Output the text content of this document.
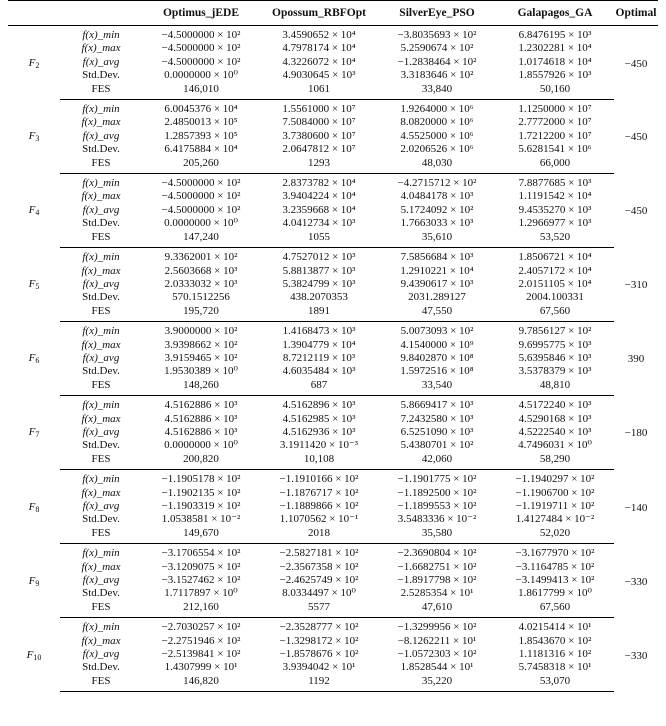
		Optimus_jEDE	Opossum_RBFOpt	SilverEye_PSO	Galapagos_GA	Optimal
$F_2$	f(x)_min	−4.5000000 × 10²	3.4590652 × 10⁴	−3.8035693 × 10²	6.8476195 × 10³	−450
	f(x)_max	−4.5000000 × 10²	4.7978174 × 10⁴	5.2590674 × 10²	1.2302281 × 10⁴	
	f(x)_avg	−4.5000000 × 10²	4.3226072 × 10⁴	−1.2838464 × 10²	1.0174618 × 10⁴	
	Std.Dev.	0.0000000 × 10⁰	4.9030645 × 10³	3.3183646 × 10²	1.8557926 × 10³	
	FES	146,010	1061	33,840	50,160	
$F_3$	f(x)_min	6.0045376 × 10⁴	1.5561000 × 10⁷	1.9264000 × 10⁶	1.1250000 × 10⁷	−450
	f(x)_max	2.4850013 × 10⁵	7.5084000 × 10⁷	8.0820000 × 10⁶	2.7772000 × 10⁷	
	f(x)_avg	1.2857393 × 10⁵	3.7380600 × 10⁷	4.5525000 × 10⁶	1.7212200 × 10⁷	
	Std.Dev.	6.4175884 × 10⁴	2.0647812 × 10⁷	2.0206526 × 10⁶	5.6281541 × 10⁶	
	FES	205,260	1293	48,030	66,000	
$F_4$	f(x)_min	−4.5000000 × 10²	2.8373782 × 10⁴	−4.2715712 × 10²	7.8877685 × 10³	−450
	f(x)_max	−4.5000000 × 10²	3.9404224 × 10⁴	4.0484178 × 10³	1.1191542 × 10⁴	
	f(x)_avg	−4.5000000 × 10²	3.2359668 × 10⁴	5.1724092 × 10²	9.4535270 × 10³	
	Std.Dev.	0.0000000 × 10⁰	4.0412734 × 10³	1.7663033 × 10³	1.2966977 × 10³	
	FES	147,240	1055	35,610	53,520	
$F_5$	f(x)_min	9.3362001 × 10²	4.7527012 × 10³	7.5856684 × 10³	1.8506721 × 10⁴	−310
	f(x)_max	2.5603668 × 10³	5.8813877 × 10³	1.2910221 × 10⁴	2.4057172 × 10⁴	
	f(x)_avg	2.0333032 × 10³	5.3824799 × 10³	9.4390617 × 10³	2.0151105 × 10⁴	
	Std.Dev.	570.1512256	438.2070353	2031.289127	2004.100331	
	FES	195,720	1891	47,550	67,560	
$F_6$	f(x)_min	3.9000000 × 10²	1.4168473 × 10³	5.0073093 × 10²	9.7856127 × 10²	390
	f(x)_max	3.9398662 × 10²	1.3904779 × 10⁴	4.1540000 × 10⁹	9.6995775 × 10³	
	f(x)_avg	3.9159465 × 10²	8.7212119 × 10³	9.8402870 × 10⁸	5.6395846 × 10³	
	Std.Dev.	1.9530389 × 10⁰	4.6035484 × 10³	1.5972516 × 10⁸	3.5378379 × 10³	
	FES	148,260	687	33,540	48,810	
$F_7$	f(x)_min	4.5162886 × 10³	4.5162896 × 10³	5.8669417 × 10³	4.5172240 × 10³	−180
	f(x)_max	4.5162886 × 10³	4.5162985 × 10³	7.2432580 × 10³	4.5290168 × 10³	
	f(x)_avg	4.5162886 × 10³	4.5162936 × 10³	6.5251090 × 10³	4.5222540 × 10³	
	Std.Dev.	0.0000000 × 10⁰	3.1911420 × 10⁻³	5.4380701 × 10²	4.7496031 × 10⁰	
	FES	200,820	10,108	42,060	58,290	
$F_8$	f(x)_min	−1.1905178 × 10²	−1.1910166 × 10²	−1.1901775 × 10²	−1.1940297 × 10²	−140
	f(x)_max	−1.1902135 × 10²	−1.1876717 × 10²	−1.1892500 × 10²	−1.1906700 × 10²	
	f(x)_avg	−1.1903319 × 10²	−1.1889866 × 10²	−1.1899553 × 10²	−1.1919711 × 10²	
	Std.Dev.	1.0538581 × 10⁻²	1.1070562 × 10⁻¹	3.5483336 × 10⁻²	1.4127484 × 10⁻²	
	FES	149,670	2018	35,580	52,020	
$F_9$	f(x)_min	−3.1706554 × 10²	−2.5827181 × 10²	−2.3690804 × 10²	−3.1677970 × 10²	−330
	f(x)_max	−3.1209075 × 10²	−2.3567358 × 10²	−1.6682751 × 10²	−3.1164785 × 10²	
	f(x)_avg	−3.1527462 × 10²	−2.4625749 × 10²	−1.8917798 × 10²	−3.1499413 × 10²	
	Std.Dev.	1.7117897 × 10⁰	8.0334497 × 10⁰	2.5285354 × 10¹	1.8617799 × 10⁰	
	FES	212,160	5577	47,610	67,560	
$F_{10}$	f(x)_min	−2.7030257 × 10²	−2.3528777 × 10²	−1.3299956 × 10²	4.0215414 × 10¹	−330
	f(x)_max	−2.2751946 × 10²	−1.3298172 × 10²	−8.1262211 × 10¹	1.8543670 × 10²	
	f(x)_avg	−2.5139841 × 10²	−1.8578676 × 10²	−1.0572303 × 10²	1.1181316 × 10²	
	Std.Dev.	1.4307999 × 10¹	3.9394042 × 10¹	1.8528544 × 10¹	5.7458318 × 10¹	
	FES	146,820	1192	35,220	53,070	
